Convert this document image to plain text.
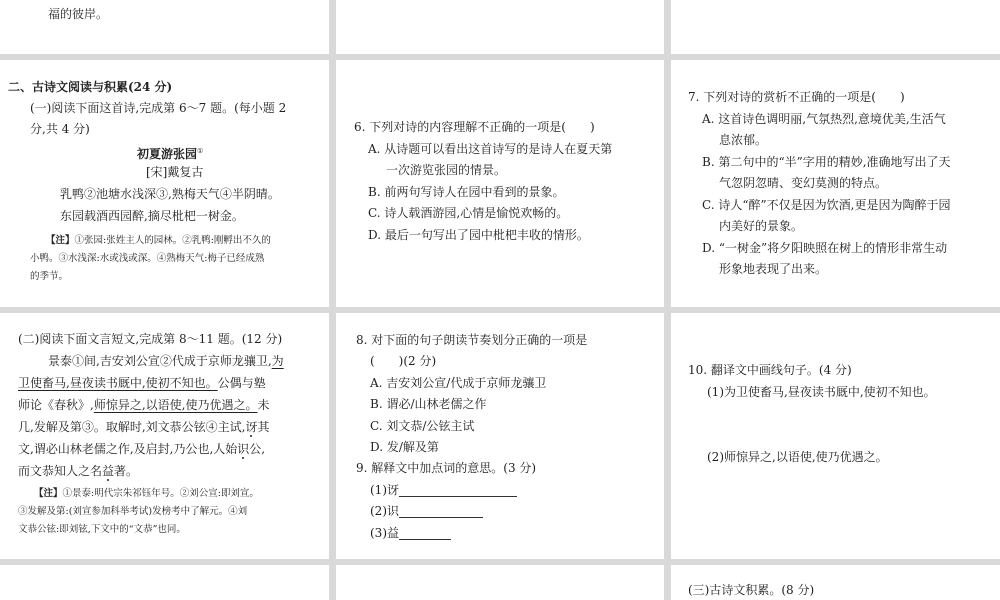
福的彼岸。
二、古诗文阅读与积累(24 分)
(一)阅读下面这首诗,完成第 6～7 题。(每小题 2
分,共 4 分)
初夏游张园①
[宋]戴复古
乳鸭②池塘水浅深③,熟梅天气④半阴晴。
东园载酒西园醉,摘尽枇杷一树金。
【注】①张园:张姓主人的园林。②乳鸭:刚孵出不久的
小鸭。③水浅深:水或浅或深。④熟梅天气:梅子已经成熟
的季节。
6. 下列对诗的内容理解不正确的一项是(　　)
A. 从诗题可以看出这首诗写的是诗人在夏天第
一次游览张园的情景。
B. 前两句写诗人在园中看到的景象。
C. 诗人载酒游园,心情是愉悦欢畅的。
D. 最后一句写出了园中枇杷丰收的情形。
7. 下列对诗的赏析不正确的一项是(　　)
A. 这首诗色调明丽,气氛热烈,意境优美,生活气
息浓郁。
B. 第二句中的“半”字用的精妙,准确地写出了天
气忽阴忽晴、变幻莫测的特点。
C. 诗人“醉”不仅是因为饮酒,更是因为陶醉于园
内美好的景象。
D. “一树金”将夕阳映照在树上的情形非常生动
形象地表现了出来。
(二)阅读下面文言短文,完成第 8～11 题。(12 分)
景泰①间,吉安刘公宣②代成于京师龙骧卫,为
卫使畜马,昼夜读书厩中,使初不知也。公偶与塾
师论《春秋》,师惊异之,以语使,使乃优遇之。未
几,发解及第③。取解时,刘文恭公铉④主试,讶其
文,谓必山林老儒之作,及启封,乃公也,人始识公,
而文恭知人之名益著。
【注】①景泰:明代宗朱祁钰年号。②刘公宣:即刘宣。
③发解及第:(刘宣参加科举考试)发榜考中了解元。④刘
文恭公铉:即刘铉,下文中的“文恭”也同。
8. 对下面的句子朗读节奏划分正确的一项是
(　　)(2 分)
A. 吉安刘公宣/代成于京师龙骧卫
B. 谓必/山林老儒之作
C. 刘文恭/公铉主试
D. 发/解及第
9. 解释文中加点词的意思。(3 分)
(1)讶
(2)识
(3)益
10. 翻译文中画线句子。(4 分)
(1)为卫使畜马,昼夜读书厩中,使初不知也。
(2)师惊异之,以语使,使乃优遇之。
(三)古诗文积累。(8 分)
